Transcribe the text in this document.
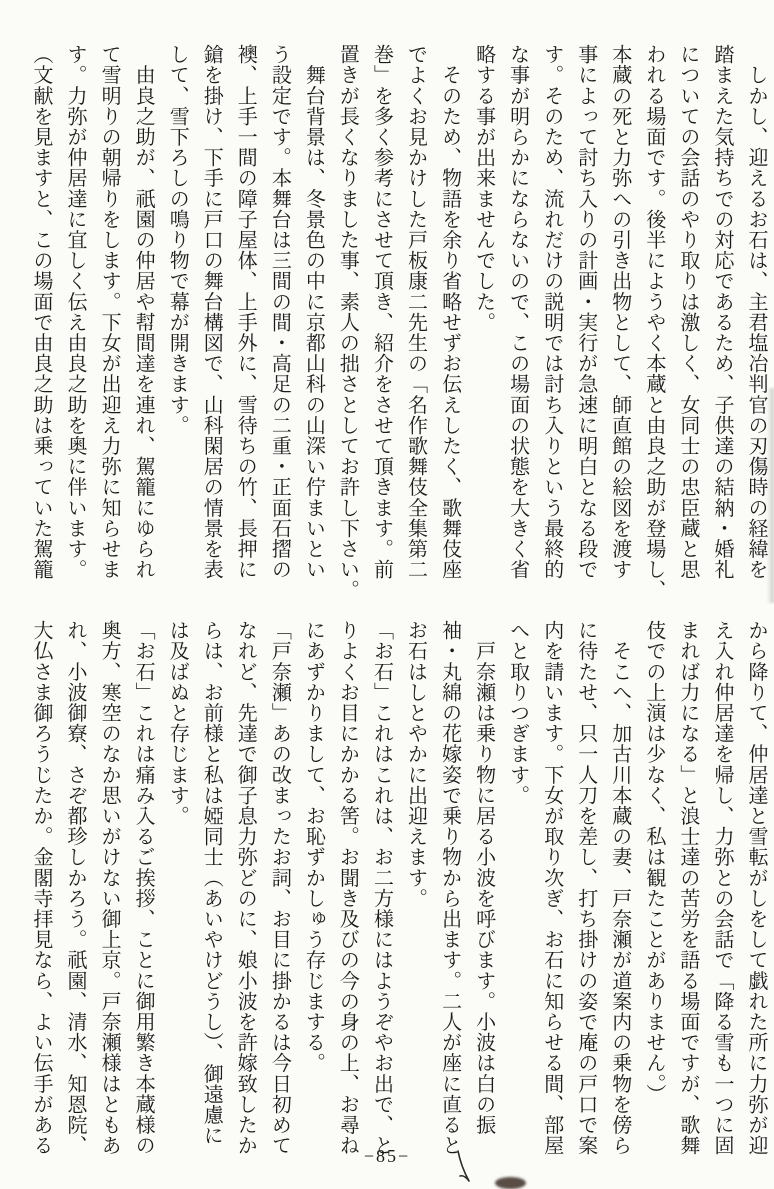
　しかし、迎えるお石は、主君塩冶判官の刃傷時の経緯を
踏まえた気持ちでの対応であるため、子供達の結納・婚礼
についての会話のやり取りは激しく、女同士の忠臣蔵と思
われる場面です。後半にようやく本蔵と由良之助が登場し、
本蔵の死と力弥への引き出物として、師直館の絵図を渡す
事によって討ち入りの計画・実行が急速に明白となる段で
す。そのため、流れだけの説明では討ち入りという最終的
な事が明らかにならないので、この場面の状態を大きく省
略する事が出来ませんでした。
　そのため、物語を余り省略せずお伝えしたく、歌舞伎座
でよくお見かけした戸板康二先生の「名作歌舞伎全集第二
巻」を多く参考にさせて頂き、紹介をさせて頂きます。前
置きが長くなりました事、素人の拙さとしてお許し下さい。
　舞台背景は、冬景色の中に京都山科の山深い佇まいとい
う設定です。本舞台は三間の間・高足の二重・正面石摺の
襖、上手一間の障子屋体、上手外に、雪待ちの竹、長押に
鎗を掛け、下手に戸口の舞台構図で、山科閑居の情景を表
して、雪下ろしの鳴り物で幕が開きます。
　由良之助が、祇園の仲居や幇間達を連れ、駕籠にゆられ
て雪明りの朝帰りをします。下女が出迎え力弥に知らせま
す。力弥が仲居達に宜しく伝え由良之助を奥に伴います。
（文献を見ますと、この場面で由良之助は乗っていた駕籠
から降りて、仲居達と雪転がしをして戯れた所に力弥が迎
え入れ仲居達を帰し、力弥との会話で「降る雪も一つに固
まれば力になる」と浪士達の苦労を語る場面ですが、歌舞
伎での上演は少なく、私は観たことがありません。）
　そこへ、加古川本蔵の妻、戸奈瀬が道案内の乗物を傍ら
に待たせ、只一人刀を差し、打ち掛けの姿で庵の戸口で案
内を請います。下女が取り次ぎ、お石に知らせる間、部屋
へと取りつぎます。
　戸奈瀬は乗り物に居る小波を呼びます。小波は白の振
袖・丸綿の花嫁姿で乗り物から出ます。二人が座に直ると
お石はしとやかに出迎えます。
「お石」これはこれは、お二方様にはようぞやお出で、と
りよくお目にかかる筈。お聞き及びの今の身の上、お尋ね
にあずかりまして、お恥ずかしゅう存じまする。
「戸奈瀬」あの改まったお詞、お目に掛かるは今日初めて
なれど、先達で御子息力弥どのに、娘小波を許嫁致したか
らは、お前様と私は婭同士（あいやけどうし）、御遠慮に
は及ばぬと存じます。
「お石」これは痛み入るご挨拶、ことに御用繁き本蔵様の
奥方、寒空のなか思いがけない御上京。戸奈瀬様はともあ
れ、小波御寮、さぞ都珍しかろう。祇園、清水、知恩院、
大仏さま御ろうじたか。金閣寺拝見なら、よい伝手がある
−85−
